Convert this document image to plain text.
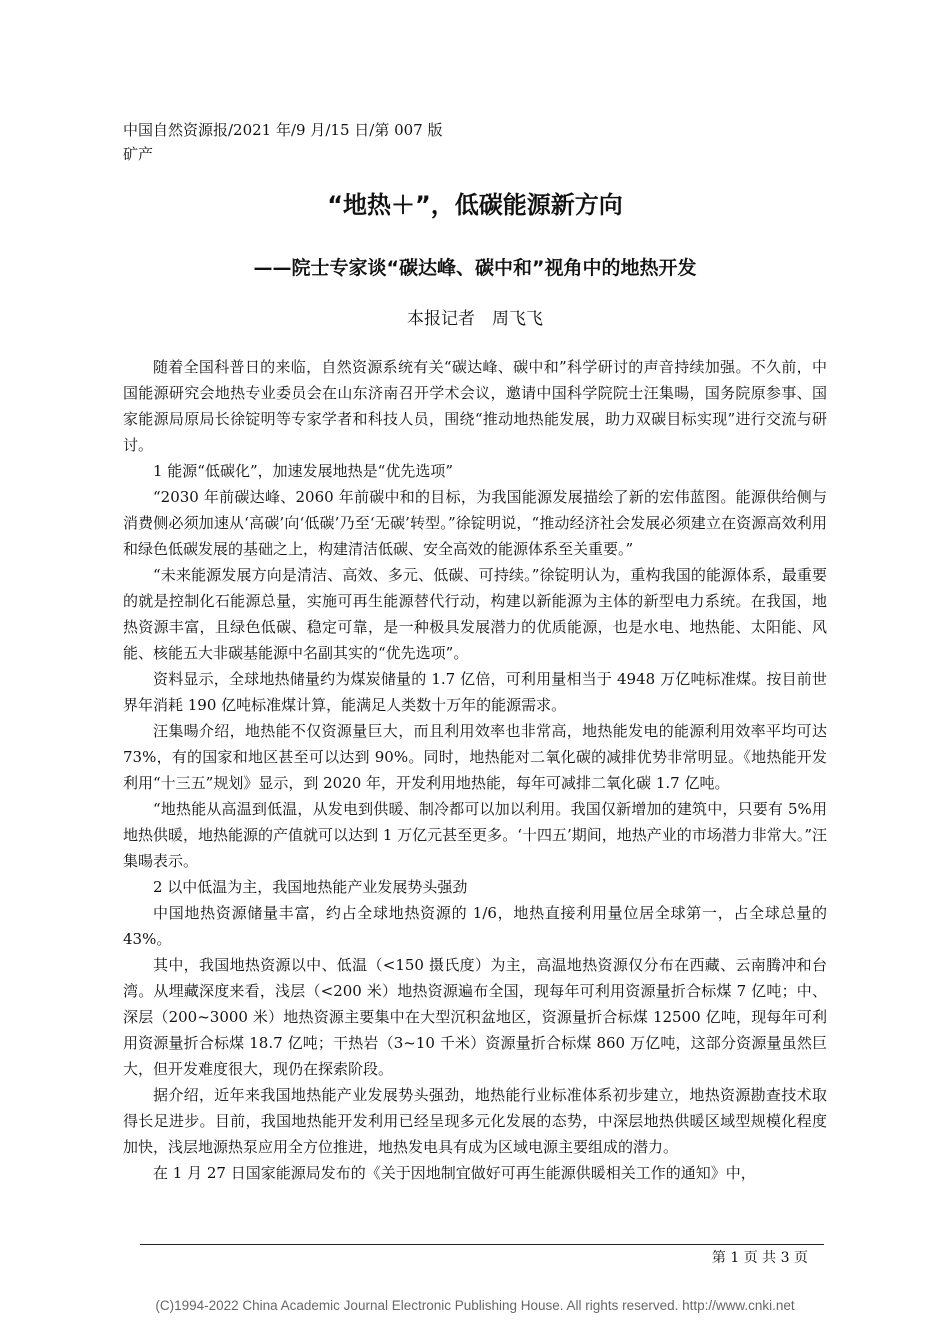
中国自然资源报/2021 年/9 月/15 日/第 007 版
矿产
“地热＋”，低碳能源新方向
——院士专家谈“碳达峰、碳中和”视角中的地热开发
本报记者　周飞飞

随着全国科普日的来临，自然资源系统有关“碳达峰、碳中和”科学研讨的声音持续加强。不久前，中国能源研究会地热专业委员会在山东济南召开学术会议，邀请中国科学院院士汪集暘，国务院原参事、国家能源局原局长徐锭明等专家学者和科技人员，围绕“推动地热能发展，助力双碳目标实现”进行交流与研讨。

1 能源“低碳化”，加速发展地热是“优先选项”

“2030 年前碳达峰、2060 年前碳中和的目标，为我国能源发展描绘了新的宏伟蓝图。能源供给侧与消费侧必须加速从‘高碳’向‘低碳’乃至‘无碳’转型。”徐锭明说，“推动经济社会发展必须建立在资源高效利用和绿色低碳发展的基础之上，构建清洁低碳、安全高效的能源体系至关重要。”

“未来能源发展方向是清洁、高效、多元、低碳、可持续。”徐锭明认为，重构我国的能源体系，最重要的就是控制化石能源总量，实施可再生能源替代行动，构建以新能源为主体的新型电力系统。在我国，地热资源丰富，且绿色低碳、稳定可靠，是一种极具发展潜力的优质能源，也是水电、地热能、太阳能、风能、核能五大非碳基能源中名副其实的“优先选项”。

资料显示，全球地热储量约为煤炭储量的 1.7 亿倍，可利用量相当于 4948 万亿吨标准煤。按目前世界年消耗 190 亿吨标准煤计算，能满足人类数十万年的能源需求。

汪集暘介绍，地热能不仅资源量巨大，而且利用效率也非常高，地热能发电的能源利用效率平均可达 73%，有的国家和地区甚至可以达到 90%。同时，地热能对二氧化碳的减排优势非常明显。《地热能开发利用“十三五”规划》显示，到 2020 年，开发利用地热能，每年可减排二氧化碳 1.7 亿吨。

“地热能从高温到低温，从发电到供暖、制冷都可以加以利用。我国仅新增加的建筑中，只要有 5%用地热供暖，地热能源的产值就可以达到 1 万亿元甚至更多。‘十四五’期间，地热产业的市场潜力非常大。”汪集暘表示。

2 以中低温为主，我国地热能产业发展势头强劲

中国地热资源储量丰富，约占全球地热资源的 1/6，地热直接利用量位居全球第一，占全球总量的 43%。

其中，我国地热资源以中、低温（<150 摄氏度）为主，高温地热资源仅分布在西藏、云南腾冲和台湾。从埋藏深度来看，浅层（<200 米）地热资源遍布全国，现每年可利用资源量折合标煤 7 亿吨；中、深层（200~3000 米）地热资源主要集中在大型沉积盆地区，资源量折合标煤 12500 亿吨，现每年可利用资源量折合标煤 18.7 亿吨；干热岩（3~10 千米）资源量折合标煤 860 万亿吨，这部分资源量虽然巨大，但开发难度很大，现仍在探索阶段。

据介绍，近年来我国地热能产业发展势头强劲，地热能行业标准体系初步建立，地热资源勘查技术取得长足进步。目前，我国地热能开发利用已经呈现多元化发展的态势，中深层地热供暖区域型规模化程度加快，浅层地源热泵应用全方位推进，地热发电具有成为区域电源主要组成的潜力。

在 1 月 27 日国家能源局发布的《关于因地制宜做好可再生能源供暖相关工作的通知》中，

第 1 页 共 3 页
(C)1994-2022 China Academic Journal Electronic Publishing House. All rights reserved. http://www.cnki.net
